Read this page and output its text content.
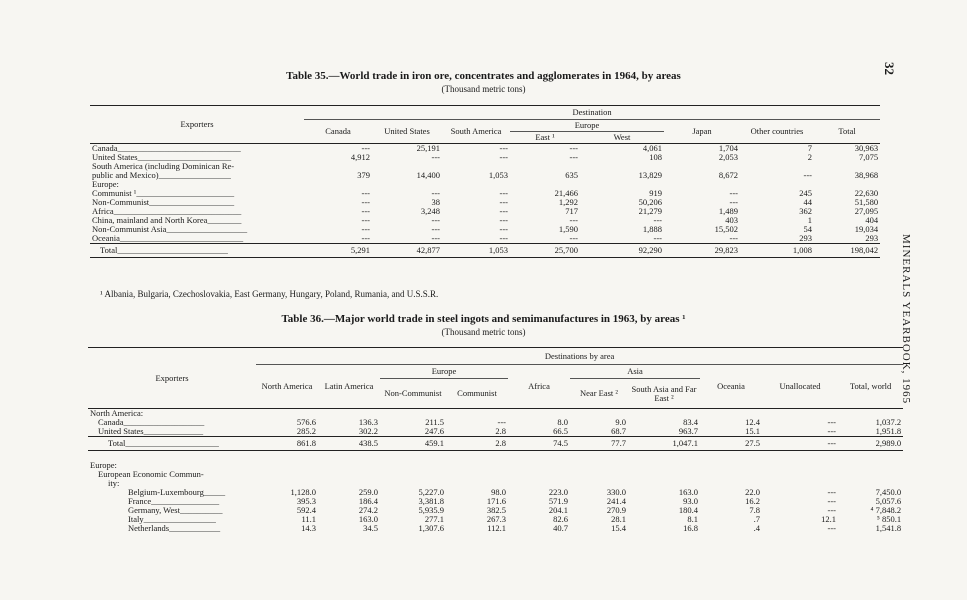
32
MINERALS YEARBOOK, 1965
Table 35.—World trade in iron ore, concentrates and agglomerates in 1964, by areas
(Thousand metric tons)
Exporters	Destination							
	Canada	United States	South America	Europe		Japan	Other countries	Total
				East ¹	West			
Canada_____________________________	---	25,191	---	---	4,061	1,704	7	30,963
United States______________________	4,912	---	---	---	108	2,053	2	7,075
South America (including Dominican Re-								
public and Mexico)_________________	379	14,400	1,053	635	13,829	8,672	---	38,968
Europe:								
Communist ¹_______________________	---	---	---	21,466	919	---	245	22,630
Non-Communist____________________	---	38	---	1,292	50,206	---	44	51,580
Africa______________________________	---	3,248	---	717	21,279	1,489	362	27,095
China, mainland and North Korea________	---	---	---	---	---	403	1	404
Non-Communist Asia___________________	---	---	---	1,590	1,888	15,502	54	19,034
Oceania_____________________________	---	---	---	---	---	---	293	293
Total__________________________	5,291	42,877	1,053	25,700	92,290	29,823	1,008	198,042
¹ Albania, Bulgaria, Czechoslovakia, East Germany, Hungary, Poland, Rumania, and U.S.S.R.
Table 36.—Major world trade in steel ingots and semimanufactures in 1963, by areas ¹
(Thousand metric tons)
Exporters	Destinations by area									
	North America	Latin America	Europe		Africa	Asia		Oceania	Unallocated	Total, world
			Non-Communist	Communist		Near East ²	South Asia and Far East ²			
North America:										
Canada___________________	576.6	136.3	211.5	---	8.0	9.0	83.4	12.4	---	1,037.2
United States______________	285.2	302.2	247.6	2.8	66.5	68.7	963.7	15.1	---	1,951.8
Total______________________	861.8	438.5	459.1	2.8	74.5	77.7	1,047.1	27.5	---	2,989.0

Europe:										
European Economic Commun-										
ity:										
Belgium-Luxembourg_____	1,128.0	259.0	5,227.0	98.0	223.0	330.0	163.0	22.0	---	7,450.0
France________________	395.3	186.4	3,381.8	171.6	571.9	241.4	93.0	16.2	---	5,057.6
Germany, West__________	592.4	274.2	5,935.9	382.5	204.1	270.9	180.4	7.8	---	⁴ 7,848.2
Italy_________________	11.1	163.0	277.1	267.3	82.6	28.1	8.1	.7	12.1	⁵ 850.1
Netherlands____________	14.3	34.5	1,307.6	112.1	40.7	15.4	16.8	.4	---	1,541.8
